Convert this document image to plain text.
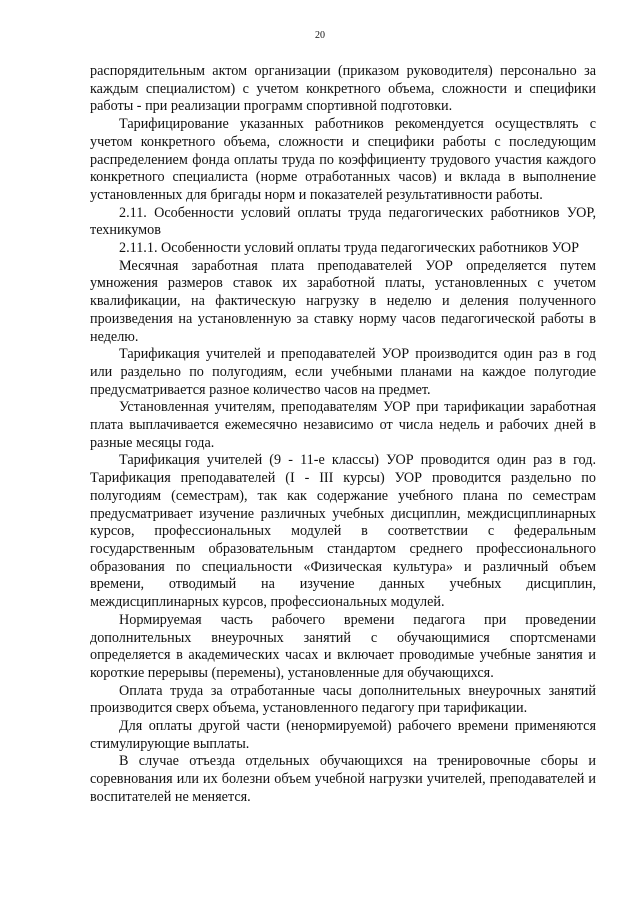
20

распорядительным актом организации (приказом руководителя) персонально за каждым специалистом) с учетом конкретного объема, сложности и специфики работы - при реализации программ спортивной подготовки.

Тарифицирование указанных работников рекомендуется осуществлять с учетом конкретного объема, сложности и специфики работы с последующим распределением фонда оплаты труда по коэффициенту трудового участия каждого конкретного специалиста (норме отработанных часов) и вклада в выполнение установленных для бригады норм и показателей результативности работы.

2.11. Особенности условий оплаты труда педагогических работников УОР, техникумов

2.11.1. Особенности условий оплаты труда педагогических работников УОР

Месячная заработная плата преподавателей УОР определяется путем умножения размеров ставок их заработной платы, установленных с учетом квалификации, на фактическую нагрузку в неделю и деления полученного произведения на установленную за ставку норму часов педагогической работы в неделю.

Тарификация учителей и преподавателей УОР производится один раз в год или раздельно по полугодиям, если учебными планами на каждое полугодие предусматривается разное количество часов на предмет.

Установленная учителям, преподавателям УОР при тарификации заработная плата выплачивается ежемесячно независимо от числа недель и рабочих дней в разные месяцы года.

Тарификация учителей (9 - 11-е классы) УОР проводится один раз в год. Тарификация преподавателей (I - III курсы) УОР проводится раздельно по полугодиям (семестрам), так как содержание учебного плана по семестрам предусматривает изучение различных учебных дисциплин, междисциплинарных курсов, профессиональных модулей в соответствии с федеральным государственным образовательным стандартом среднего профессионального образования по специальности «Физическая культура» и различный объем времени, отводимый на изучение данных учебных дисциплин, междисциплинарных курсов, профессиональных модулей.

Нормируемая часть рабочего времени педагога при проведении дополнительных внеурочных занятий с обучающимися спортсменами определяется в академических часах и включает проводимые учебные занятия и короткие перерывы (перемены), установленные для обучающихся.

Оплата труда за отработанные часы дополнительных внеурочных занятий производится сверх объема, установленного педагогу при тарификации.

Для оплаты другой части (ненормируемой) рабочего времени применяются стимулирующие выплаты.

В случае отъезда отдельных обучающихся на тренировочные сборы и соревнования или их болезни объем учебной нагрузки учителей, преподавателей и воспитателей не меняется.
